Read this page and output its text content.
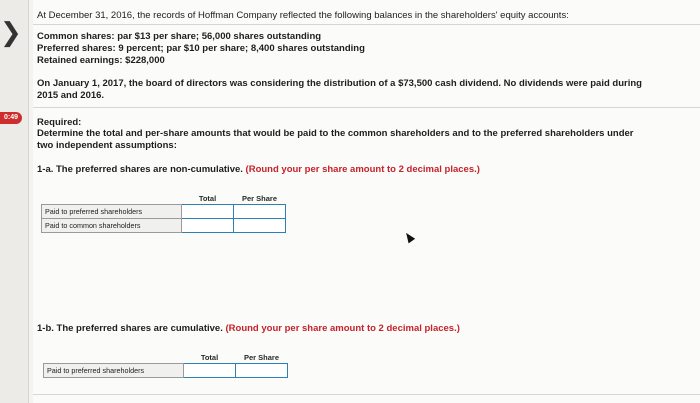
❯
0:49
At December 31, 2016, the records of Hoffman Company reflected the following balances in the shareholders' equity accounts:
Common shares: par $13 per share; 56,000 shares outstanding
Preferred shares: 9 percent; par $10 per share; 8,400 shares outstanding
Retained earnings: $228,000
On January 1, 2017, the board of directors was considering the distribution of a $73,500 cash dividend. No dividends were paid during
2015 and 2016.
Required:
Determine the total and per-share amounts that would be paid to the common shareholders and to the preferred shareholders under
two independent assumptions:
1-a. The preferred shares are non-cumulative. (Round your per share amount to 2 decimal places.)
	Total	Per Share
Paid to preferred shareholders		
Paid to common shareholders		
1-b. The preferred shares are cumulative. (Round your per share amount to 2 decimal places.)
	Total	Per Share
Paid to preferred shareholders		
